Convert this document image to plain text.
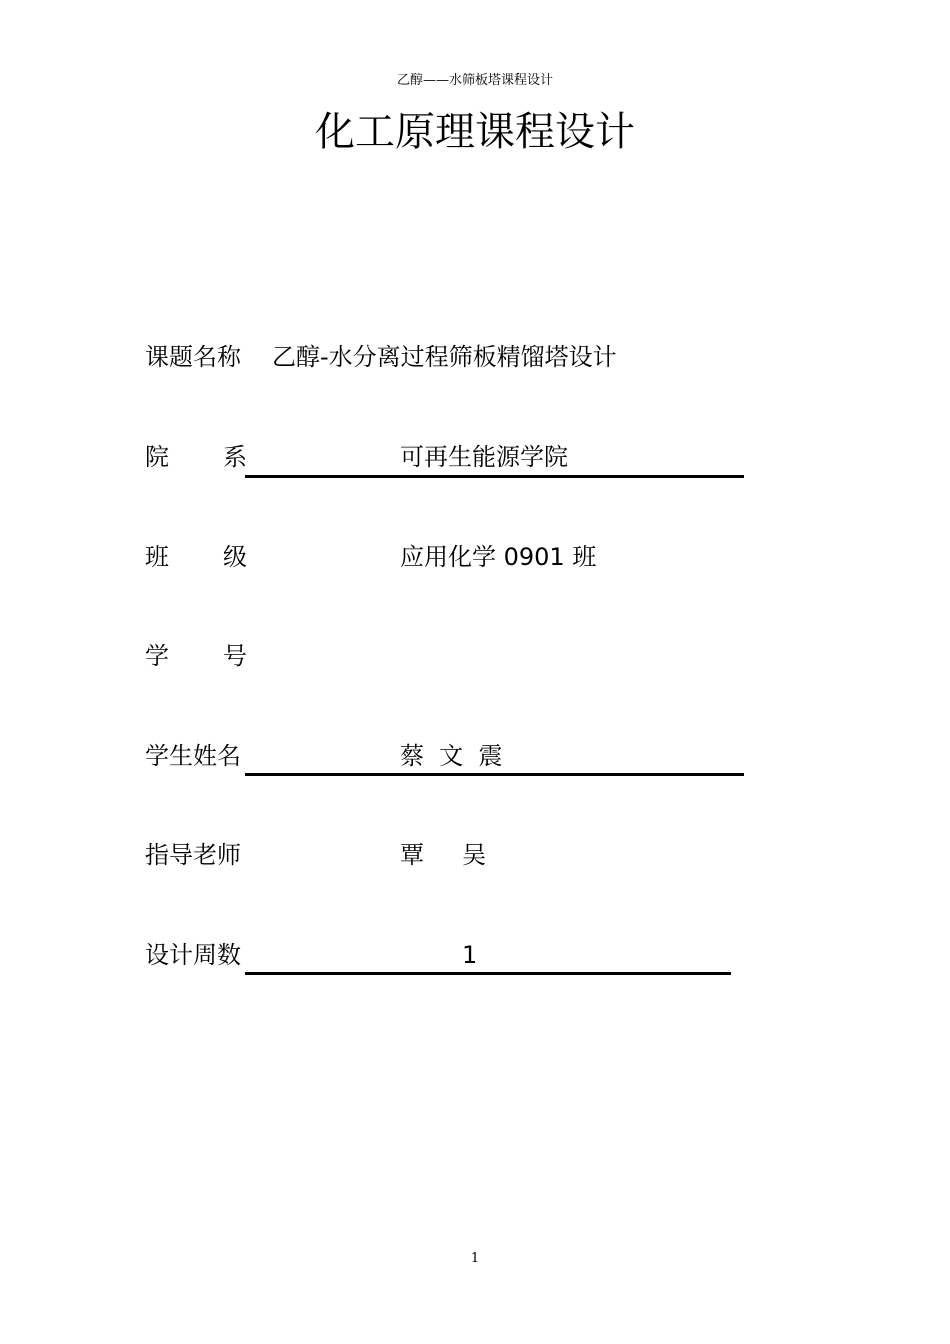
乙醇——水筛板塔课程设计
化工原理课程设计
课题名称 乙醇-水分离过程筛板精馏塔设计
院 系	可再生能源学院
班 级	应用化学 0901 班
学 号
学生姓名	蔡  文  震
指导老师	覃     吴
设计周数	1
1
